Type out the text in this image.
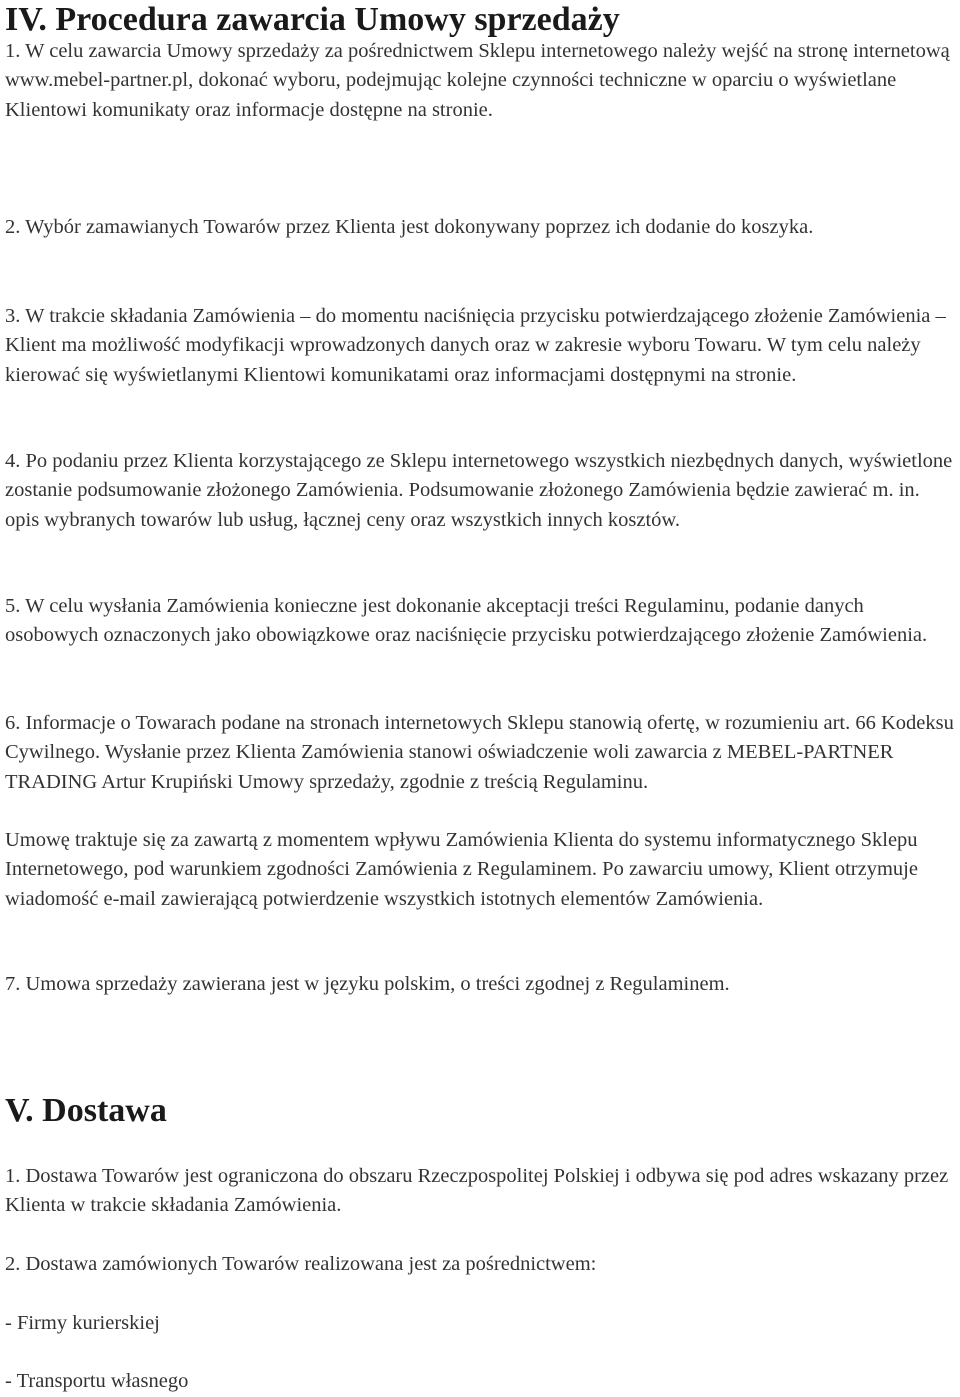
IV. Procedura zawarcia Umowy sprzedaży

1. W celu zawarcia Umowy sprzedaży za pośrednictwem Sklepu internetowego należy wejść na stronę internetową www.mebel-partner.pl, dokonać wyboru, podejmując kolejne czynności techniczne w oparciu o wyświetlane Klientowi komunikaty oraz informacje dostępne na stronie.

2. Wybór zamawianych Towarów przez Klienta jest dokonywany poprzez ich dodanie do koszyka.

3. W trakcie składania Zamówienia – do momentu naciśnięcia przycisku potwierdzającego złożenie Zamówienia – Klient ma możliwość modyfikacji wprowadzonych danych oraz w zakresie wyboru Towaru. W tym celu należy kierować się wyświetlanymi Klientowi komunikatami oraz informacjami dostępnymi na stronie.

4. Po podaniu przez Klienta korzystającego ze Sklepu internetowego wszystkich niezbędnych danych, wyświetlone zostanie podsumowanie złożonego Zamówienia. Podsumowanie złożonego Zamówienia będzie zawierać m. in. opis wybranych towarów lub usług, łącznej ceny oraz wszystkich innych kosztów.

5. W celu wysłania Zamówienia konieczne jest dokonanie akceptacji treści Regulaminu, podanie danych osobowych oznaczonych jako obowiązkowe oraz naciśnięcie przycisku potwierdzającego złożenie Zamówienia.

6. Informacje o Towarach podane na stronach internetowych Sklepu stanowią ofertę, w rozumieniu art. 66 Kodeksu Cywilnego. Wysłanie przez Klienta Zamówienia stanowi oświadczenie woli zawarcia z MEBEL-PARTNER TRADING Artur Krupiński Umowy sprzedaży, zgodnie z treścią Regulaminu.

Umowę traktuje się za zawartą z momentem wpływu Zamówienia Klienta do systemu informatycznego Sklepu Internetowego, pod warunkiem zgodności Zamówienia z Regulaminem. Po zawarciu umowy, Klient otrzymuje wiadomość e-mail zawierającą potwierdzenie wszystkich istotnych elementów Zamówienia.

7. Umowa sprzedaży zawierana jest w języku polskim, o treści zgodnej z Regulaminem.

V. Dostawa

1. Dostawa Towarów jest ograniczona do obszaru Rzeczpospolitej Polskiej i odbywa się pod adres wskazany przez Klienta w trakcie składania Zamówienia.

2. Dostawa zamówionych Towarów realizowana jest za pośrednictwem:

- Firmy kurierskiej

- Transportu własnego
